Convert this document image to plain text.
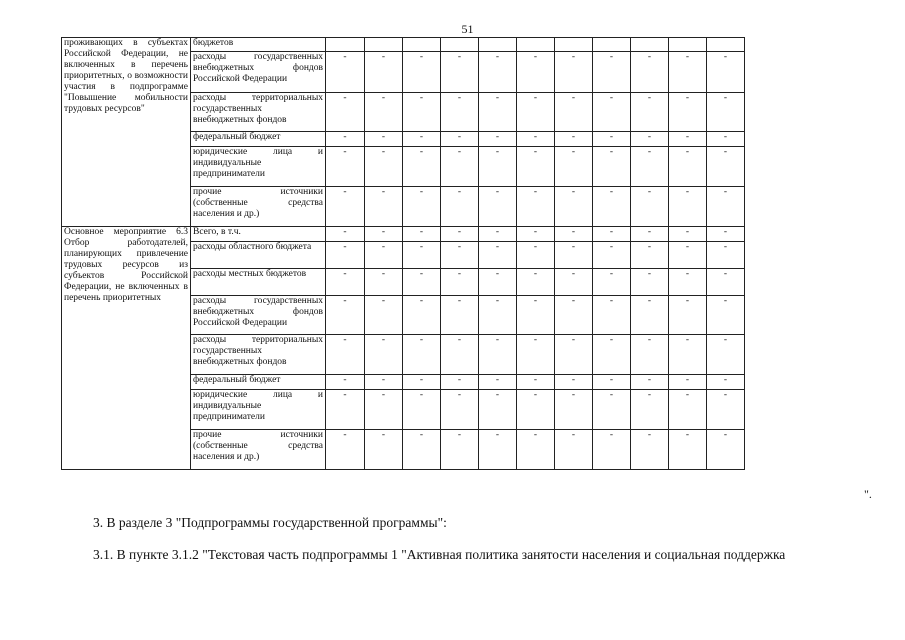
51
проживающих в субъектах Российской Федерации, не включенных в перечень приоритетных, о возможности участия в подпрограмме "Повышение мобильности трудовых ресурсов"	бюджетов											
	расходы государственных внебюджетных фондов Российской Федерации	-	-	-	-	-	-	-	-	-	-	-
	расходы территориальных государственных внебюджетных фондов	-	-	-	-	-	-	-	-	-	-	-
	федеральный бюджет	-	-	-	-	-	-	-	-	-	-	-
	юридические лица и индивидуальные предприниматели	-	-	-	-	-	-	-	-	-	-	-
	прочие источники (собственные средства населения и др.)	-	-	-	-	-	-	-	-	-	-	-
Основное мероприятие 6.3 Отбор работодателей, планирующих привлечение трудовых ресурсов из субъектов Российской Федерации, не включенных в перечень приоритетных	Всего, в т.ч.	-	-	-	-	-	-	-	-	-	-	-
	расходы областного бюджета	-	-	-	-	-	-	-	-	-	-	-
	расходы местных бюджетов	-	-	-	-	-	-	-	-	-	-	-
	расходы государственных внебюджетных фондов Российской Федерации	-	-	-	-	-	-	-	-	-	-	-
	расходы территориальных государственных внебюджетных фондов	-	-	-	-	-	-	-	-	-	-	-
	федеральный бюджет	-	-	-	-	-	-	-	-	-	-	-
	юридические лица и индивидуальные предприниматели	-	-	-	-	-	-	-	-	-	-	-
	прочие источники (собственные средства населения и др.)	-	-	-	-	-	-	-	-	-	-	-
".
3. В разделе 3 "Подпрограммы государственной программы":
3.1. В пункте 3.1.2 "Текстовая часть подпрограммы 1 "Активная политика занятости населения и социальная поддержка
